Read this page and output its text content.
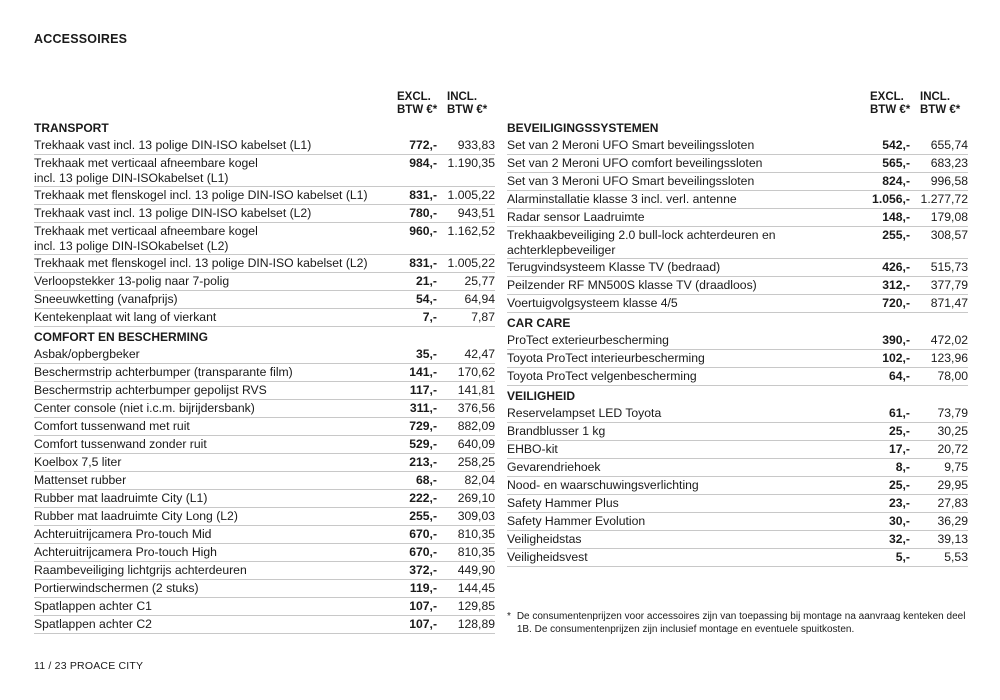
ACCESSOIRES
EXCL.
BTW €*
INCL.
BTW €*
TRANSPORT
Trekhaak vast incl. 13 polige DIN-ISO kabelset (L1)	772,-	933,83
Trekhaak met verticaal afneembare kogel
incl. 13 polige DIN-ISOkabelset (L1)
984,- 1.190,35
Trekhaak met flenskogel incl. 13 polige DIN-ISO kabelset (L1)	831,- 1.005,22
Trekhaak vast incl. 13 polige DIN-ISO kabelset (L2)	780,-	943,51
Trekhaak met verticaal afneembare kogel
incl. 13 polige DIN-ISOkabelset (L2)
960,- 1.162,52
Trekhaak met flenskogel incl. 13 polige DIN-ISO kabelset (L2)	831,- 1.005,22
Verloopstekker 13-polig naar 7-polig	21,-	25,77
Sneeuwketting (vanafprijs)	54,-	64,94
Kentekenplaat wit lang of vierkant	7,-	7,87
COMFORT EN BESCHERMING
Asbak/opbergbeker	35,-	42,47
Beschermstrip achterbumper (transparante film)	141,-	170,62
Beschermstrip achterbumper gepolijst RVS	117,-	141,81
Center console (niet i.c.m. bijrijdersbank)	311,-	376,56
Comfort tussenwand met ruit	729,-	882,09
Comfort tussenwand zonder ruit	529,-	640,09
Koelbox 7,5 liter	213,-	258,25
Mattenset rubber	68,-	82,04
Rubber mat laadruimte City (L1)	222,-	269,10
Rubber mat laadruimte City Long (L2)	255,-	309,03
Achteruitrijcamera Pro-touch Mid	670,-	810,35
Achteruitrijcamera Pro-touch High	670,-	810,35
Raambeveiliging lichtgrijs achterdeuren	372,-	449,90
Portierwindschermen (2 stuks)	119,-	144,45
Spatlappen achter C1	107,-	129,85
Spatlappen achter C2	107,-	128,89
EXCL.
BTW €*
INCL.
BTW €*
BEVEILIGINGSSYSTEMEN
Set van 2 Meroni UFO Smart beveilingssloten	542,-	655,74
Set van 2 Meroni UFO comfort beveilingssloten	565,-	683,23
Set van 3 Meroni UFO Smart beveilingssloten	824,-	996,58
Alarminstallatie klasse 3 incl. verl. antenne	1.056,- 1.277,72
Radar sensor Laadruimte	148,-	179,08
Trekhaakbeveiliging 2.0 bull-lock achterdeuren en
achterklepbeveiliger
255,-	308,57
Terugvindsysteem Klasse TV (bedraad)	426,-	515,73
Peilzender RF MN500S klasse TV (draadloos)	312,-	377,79
Voertuigvolgsysteem klasse 4/5	720,-	871,47
CAR CARE
ProTect exterieurbescherming	390,-	472,02
Toyota ProTect interieurbescherming	102,-	123,96
Toyota ProTect velgenbescherming	64,-	78,00
VEILIGHEID
Reservelampset LED Toyota	61,-	73,79
Brandblusser 1 kg	25,-	30,25
EHBO-kit	17,-	20,72
Gevarendriehoek	8,-	9,75
Nood- en waarschuwingsverlichting	25,-	29,95
Safety Hammer Plus	23,-	27,83
Safety Hammer Evolution	30,-	36,29
Veiligheidstas	32,-	39,13
Veiligheidsvest	5,-	5,53
* De consumentenprijzen voor accessoires zijn van toepassing bij montage na aanvraag kenteken deel 1B. De consumentenprijzen zijn inclusief montage en eventuele spuitkosten.
11 / 23 PROACE CITY
